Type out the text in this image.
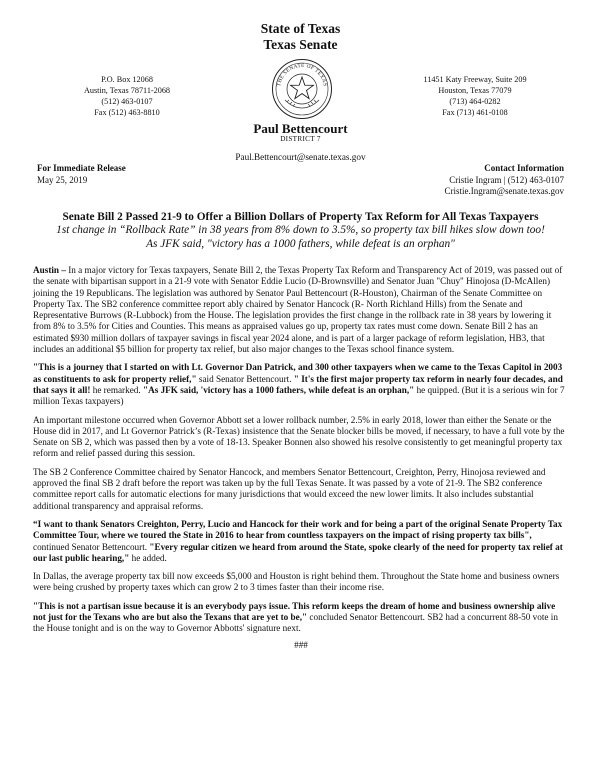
State of Texas
Texas Senate
P.O. Box 12068
Austin, Texas 78711-2068
(512) 463-0107
Fax (512) 463-8810
THE SENATE OF TEXAS
11451 Katy Freeway, Suite 209
Houston, Texas 77079
(713) 464-0282
Fax (713) 461-0108
Paul Bettencourt
DISTRICT 7
Paul.Bettencourt@senate.texas.gov
For Immediate Release
May 25, 2019
Contact Information
Cristie Ingram | (512) 463-0107
Cristie.Ingram@senate.texas.gov
Senate Bill 2 Passed 21-9 to Offer a Billion Dollars of Property Tax Reform for All Texas Taxpayers
1st change in “Rollback Rate” in 38 years from 8% down to 3.5%, so property tax bill hikes slow down too!
As JFK said, "victory has a 1000 fathers, while defeat is an orphan"

Austin – In a major victory for Texas taxpayers, Senate Bill 2, the Texas Property Tax Reform and Transparency Act of 2019, was passed out of the senate with bipartisan support in a 21-9 vote with Senator Eddie Lucio (D-Brownsville) and Senator Juan "Chuy" Hinojosa (D-McAllen) joining the 19 Republicans. The legislation was authored by Senator Paul Bettencourt (R-Houston), Chairman of the Senate Committee on Property Tax. The SB2 conference committee report ably chaired by Senator Hancock (R- North Richland Hills) from the Senate and Representative Burrows (R-Lubbock) from the House. The legislation provides the first change in the rollback rate in 38 years by lowering it from 8% to 3.5% for Cities and Counties. This means as appraised values go up, property tax rates must come down. Senate Bill 2 has an estimated $930 million dollars of taxpayer savings in fiscal year 2024 alone, and is part of a larger package of reform legislation, HB3, that includes an additional $5 billion for property tax relief, but also major changes to the Texas school finance system.

"This is a journey that I started on with Lt. Governor Dan Patrick, and 300 other taxpayers when we came to the Texas Capitol in 2003 as constituents to ask for property relief," said Senator Bettencourt. " It's the first major property tax reform in nearly four decades, and that says it all! he remarked. "As JFK said, 'victory has a 1000 fathers, while defeat is an orphan," he quipped. (But it is a serious win for 7 million Texas taxpayers)

An important milestone occurred when Governor Abbott set a lower rollback number, 2.5% in early 2018, lower than either the Senate or the House did in 2017, and Lt Governor Patrick’s (R-Texas) insistence that the Senate blocker bills be moved, if necessary, to have a full vote by the Senate on SB 2, which was passed then by a vote of 18-13. Speaker Bonnen also showed his resolve consistently to get meaningful property tax reform and relief passed during this session.

The SB 2 Conference Committee chaired by Senator Hancock, and members Senator Bettencourt, Creighton, Perry, Hinojosa reviewed and approved the final SB 2 draft before the report was taken up by the full Texas Senate. It was passed by a vote of 21-9. The SB2 conference committee report calls for automatic elections for many jurisdictions that would exceed the new lower limits. It also includes substantial additional transparency and appraisal reforms.

“I want to thank Senators Creighton, Perry, Lucio and Hancock for their work and for being a part of the original Senate Property Tax Committee Tour, where we toured the State in 2016 to hear from countless taxpayers on the impact of rising property tax bills", continued Senator Bettencourt. "Every regular citizen we heard from around the State, spoke clearly of the need for property tax relief at our last public hearing," he added.

In Dallas, the average property tax bill now exceeds $5,000 and Houston is right behind them. Throughout the State home and business owners were being crushed by property taxes which can grow 2 to 3 times faster than their income rise.

"This is not a partisan issue because it is an everybody pays issue. This reform keeps the dream of home and business ownership alive not just for the Texans who are but also the Texans that are yet to be," concluded Senator Bettencourt. SB2 had a concurrent 88-50 vote in the House tonight and is on the way to Governor Abbotts' signature next.

###
